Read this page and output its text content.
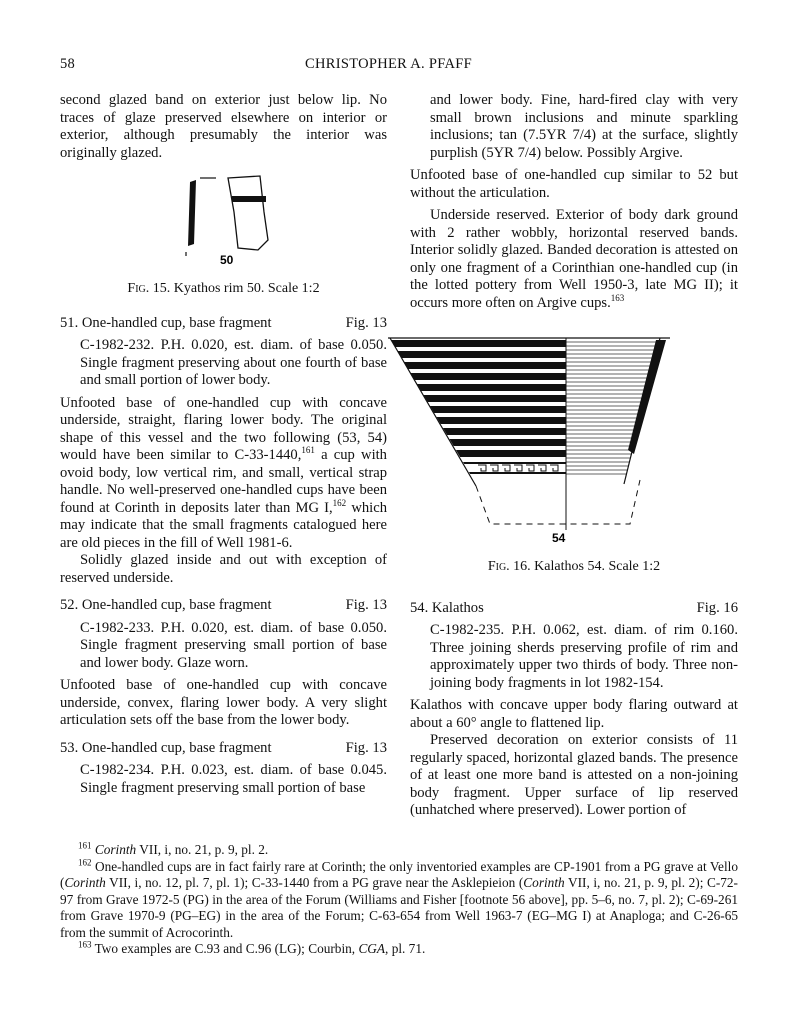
58	CHRISTOPHER A. PFAFF

second glazed band on exterior just below lip. No traces of glaze preserved elsewhere on interior or exterior, although presumably the interior was originally glazed.

50

Fig. 15. Kyathos rim 50. Scale 1:2

51. One-handled cup, base fragment	Fig. 13

C-1982-232. P.H. 0.020, est. diam. of base 0.050. Single fragment preserving about one fourth of base and small portion of lower body.

Unfooted base of one-handled cup with concave underside, straight, flaring lower body. The original shape of this vessel and the two following (53, 54) would have been similar to C-33-1440,$^{161}$ a cup with ovoid body, low vertical rim, and small, vertical strap handle. No well-preserved one-handled cups have been found at Corinth in deposits later than MG I,$^{162}$ which may indicate that the small fragments catalogued here are old pieces in the fill of Well 1981-6.

Solidly glazed inside and out with exception of reserved underside.

52. One-handled cup, base fragment	Fig. 13

C-1982-233. P.H. 0.020, est. diam. of base 0.050. Single fragment preserving small portion of base and lower body. Glaze worn.

Unfooted base of one-handled cup with concave underside, convex, flaring lower body. A very slight articulation sets off the base from the lower body.

53. One-handled cup, base fragment	Fig. 13

C-1982-234. P.H. 0.023, est. diam. of base 0.045. Single fragment preserving small portion of base

and lower body. Fine, hard-fired clay with very small brown inclusions and minute sparkling inclusions; tan (7.5YR 7/4) at the surface, slightly purplish (5YR 7/4) below. Possibly Argive.

Unfooted base of one-handled cup similar to 52 but without the articulation.

Underside reserved. Exterior of body dark ground with 2 rather wobbly, horizontal reserved bands. Interior solidly glazed. Banded decoration is attested on only one fragment of a Corinthian one-handled cup (in the lotted pottery from Well 1950-3, late MG II); it occurs more often on Argive cups.$^{163}$

54

Fig. 16. Kalathos 54. Scale 1:2

54. Kalathos	Fig. 16

C-1982-235. P.H. 0.062, est. diam. of rim 0.160. Three joining sherds preserving profile of rim and approximately upper two thirds of body. Three non-joining body fragments in lot 1982-154.

Kalathos with concave upper body flaring outward at about a 60° angle to flattened lip.

Preserved decoration on exterior consists of 11 regularly spaced, horizontal glazed bands. The presence of at least one more band is attested on a non-joining body fragment. Upper surface of lip reserved (unhatched where preserved). Lower portion of

$^{161}$ Corinth VII, i, no. 21, p. 9, pl. 2.

$^{162}$ One-handled cups are in fact fairly rare at Corinth; the only inventoried examples are CP-1901 from a PG grave at Vello (Corinth VII, i, no. 12, pl. 7, pl. 1); C-33-1440 from a PG grave near the Asklepieion (Corinth VII, i, no. 21, p. 9, pl. 2); C-72-97 from Grave 1972-5 (PG) in the area of the Forum (Williams and Fisher [footnote 56 above], pp. 5–6, no. 7, pl. 2); C-69-261 from Grave 1970-9 (PG–EG) in the area of the Forum; C-63-654 from Well 1963-7 (EG–MG I) at Anaploga; and C-26-65 from the summit of Acrocorinth.

$^{163}$ Two examples are C.93 and C.96 (LG); Courbin, CGA, pl. 71.
